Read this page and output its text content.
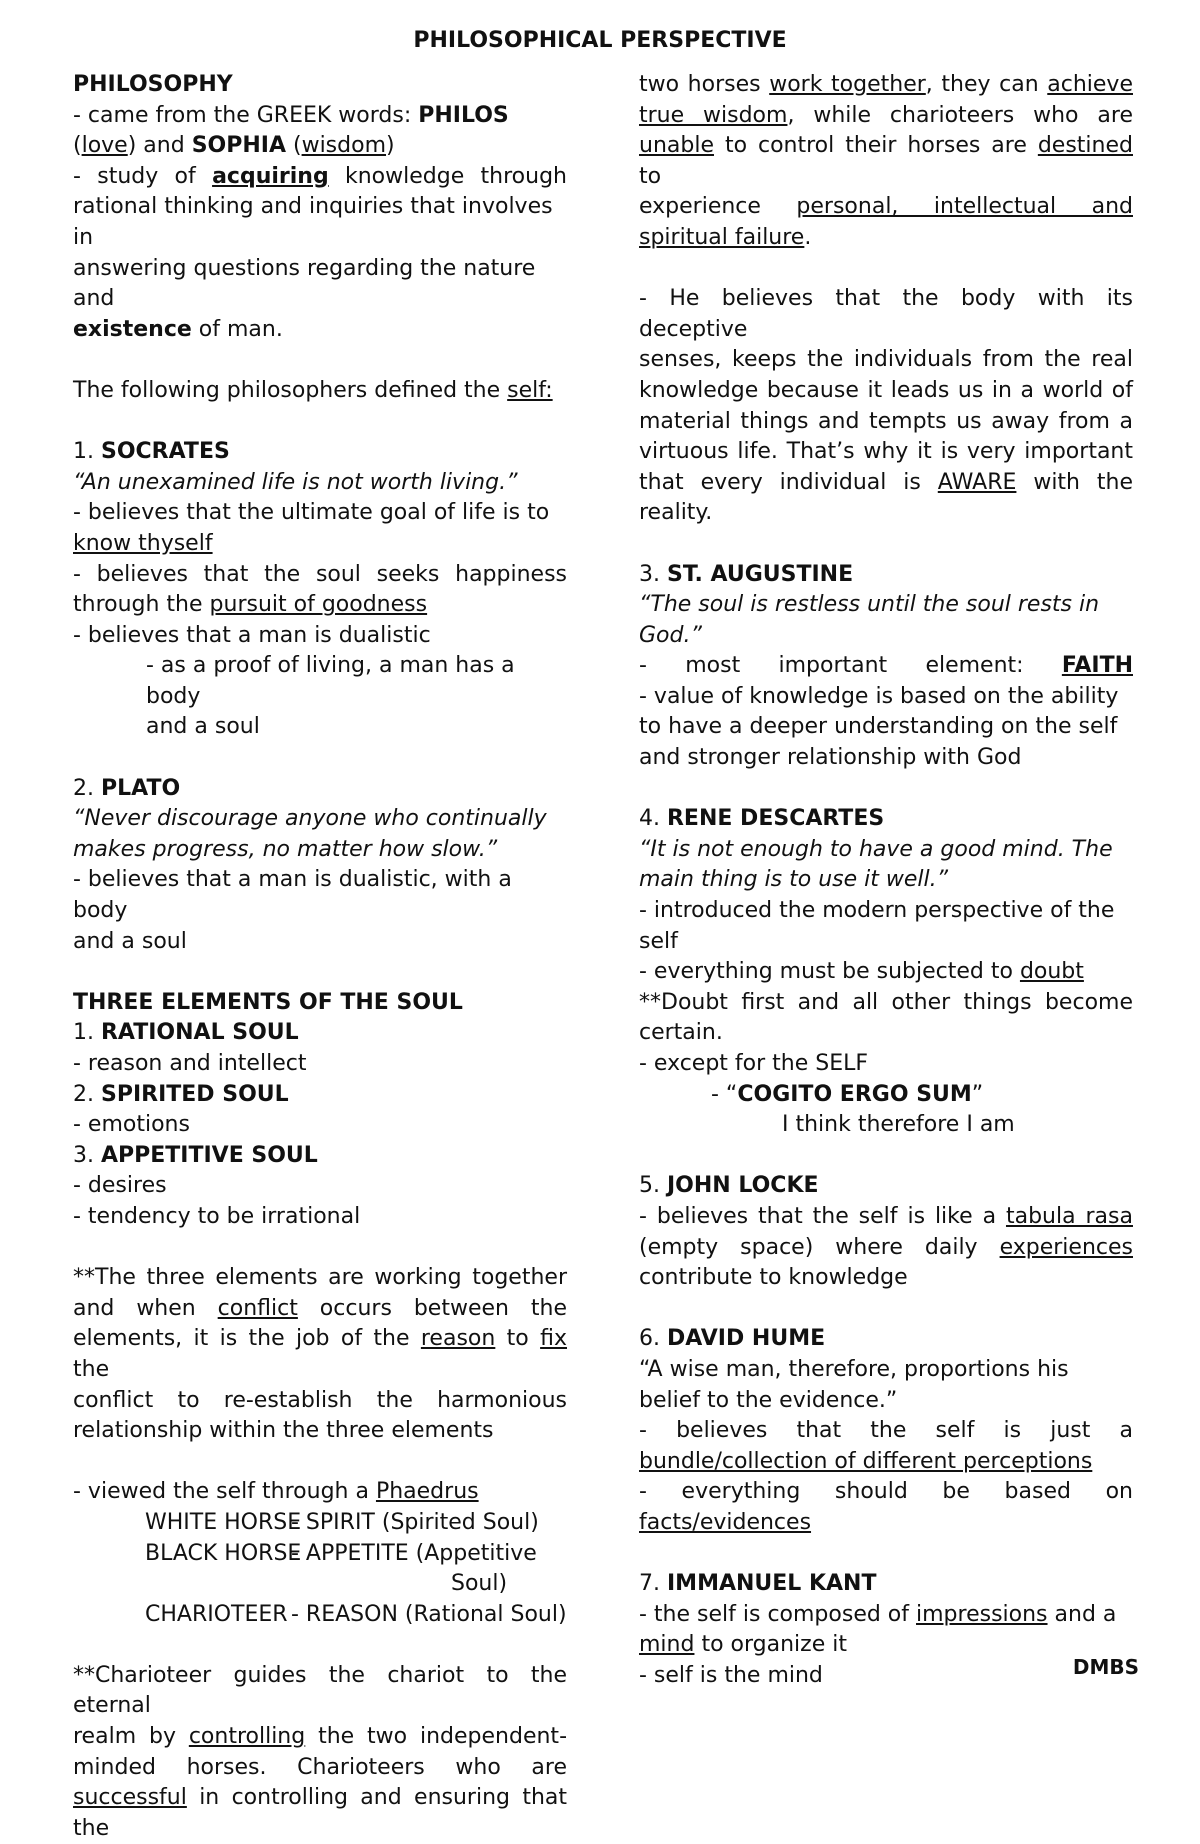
PHILOSOPHICAL PERSPECTIVE
PHILOSOPHY
- came from the GREEK words: PHILOS
(love) and SOPHIA (wisdom)
- study of acquiring knowledge through
rational thinking and inquiries that involves in
answering questions regarding the nature and
existence of man.
The following philosophers defined the self:
1. SOCRATES
“An unexamined life is not worth living.”
- believes that the ultimate goal of life is to
know thyself
- believes that the soul seeks happiness
through the pursuit of goodness
- believes that a man is dualistic
- as a proof of living, a man has a body
and a soul
2. PLATO
“Never discourage anyone who continually
makes progress, no matter how slow.”
- believes that a man is dualistic, with a body
and a soul
THREE ELEMENTS OF THE SOUL
1. RATIONAL SOUL
- reason and intellect
2. SPIRITED SOUL
- emotions
3. APPETITIVE SOUL
- desires
- tendency to be irrational
**The three elements are working together
and when conflict occurs between the
elements, it is the job of the reason to fix the
conflict to re-establish the harmonious
relationship within the three elements
- viewed the self through a Phaedrus
WHITE HORSE
- SPIRIT (Spirited Soul)
BLACK HORSE
- APPETITE (Appetitive
Soul)
CHARIOTEER - REASON (Rational Soul)
**Charioteer guides the chariot to the eternal
realm by controlling the two independent-
minded horses. Charioteers who are
successful in controlling and ensuring that the
two horses work together, they can achieve
true wisdom, while charioteers who are
unable to control their horses are destined to
experience personal, intellectual and
spiritual failure.
- He believes that the body with its deceptive
senses, keeps the individuals from the real
knowledge because it leads us in a world of
material things and tempts us away from a
virtuous life. That’s why it is very important
that every individual is AWARE with the
reality.
3. ST. AUGUSTINE
“The soul is restless until the soul rests in
God.”
- most important element: FAITH
- value of knowledge is based on the ability
to have a deeper understanding on the self
and stronger relationship with God
4. RENE DESCARTES
“It is not enough to have a good mind. The
main thing is to use it well.”
- introduced the modern perspective of the
self
- everything must be subjected to doubt
**Doubt first and all other things become
certain.
- except for the SELF
- “COGITO ERGO SUM”
I think therefore I am
5. JOHN LOCKE
- believes that the self is like a tabula rasa
(empty space) where daily experiences
contribute to knowledge
6. DAVID HUME
“A wise man, therefore, proportions his
belief to the evidence.”
- believes that the self is just a
bundle/collection of different perceptions
- everything should be based on
facts/evidences
7. IMMANUEL KANT
- the self is composed of impressions and a
mind to organize it
- self is the mind	DMBS
